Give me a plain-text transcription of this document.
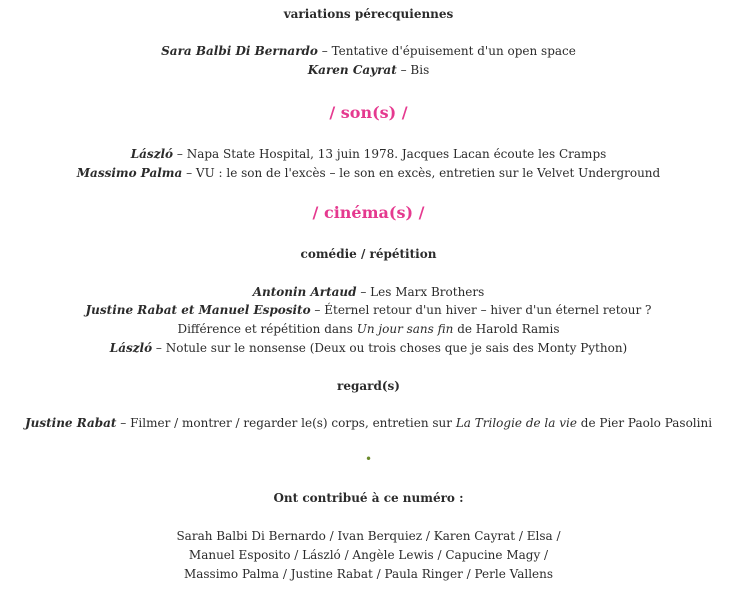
variations pérecquiennes
Sara Balbi Di Bernardo – Tentative d'épuisement d'un open space
Karen Cayrat – Bis
/ son(s) /
László – Napa State Hospital, 13 juin 1978. Jacques Lacan écoute les Cramps
Massimo Palma – VU : le son de l'excès – le son en excès, entretien sur le Velvet Underground
/ cinéma(s) /
comédie / répétition
Antonin Artaud – Les Marx Brothers
Justine Rabat et Manuel Esposito – Éternel retour d'un hiver – hiver d'un éternel retour ?
Différence et répétition dans Un jour sans fin de Harold Ramis
László – Notule sur le nonsense (Deux ou trois choses que je sais des Monty Python)
regard(s)
Justine Rabat – Filmer / montrer / regarder le(s) corps, entretien sur La Trilogie de la vie de Pier Paolo Pasolini
•
Ont contribué à ce numéro :
Sarah Balbi Di Bernardo / Ivan Berquiez / Karen Cayrat / Elsa /
Manuel Esposito / László / Angèle Lewis / Capucine Magy /
Massimo Palma / Justine Rabat / Paula Ringer / Perle Vallens
